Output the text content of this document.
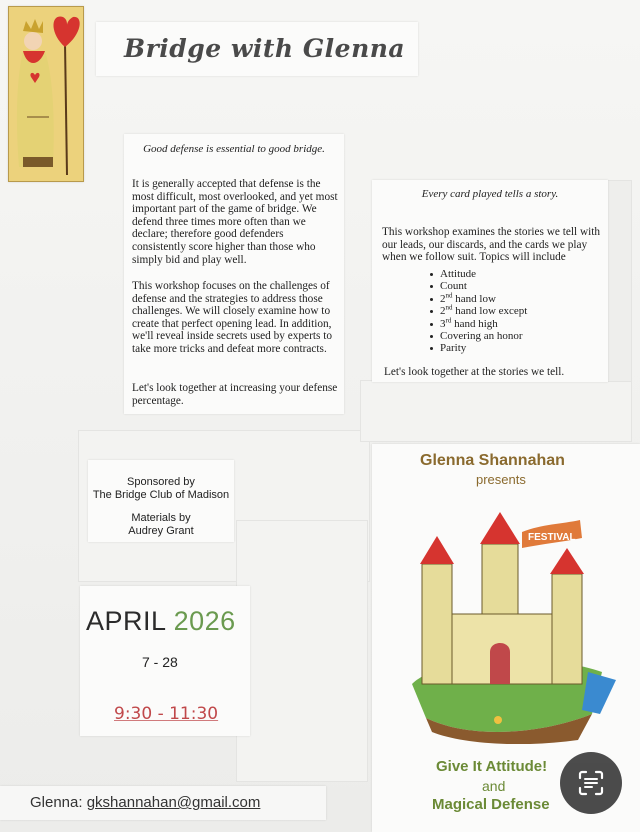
Bridge with Glenna
Good defense is essential to good bridge.

It is generally accepted that defense is the most difficult, most overlooked, and yet most important part of the game of bridge. We defend three times more often than we declare; therefore good defenders consistently score higher than those who simply bid and play well.

This workshop focuses on the challenges of defense and the strategies to address those challenges. We will closely examine how to create that perfect opening lead. In addition, we'll reveal inside secrets used by experts to take more tricks and defeat more contracts.

Let's look together at increasing your defense percentage.

Every card played tells a story.

This workshop examines the stories we tell with our leads, our discards, and the cards we play when we follow suit. Topics will include

Attitude
Count
2nd hand low
2nd hand low except
3rd hand high
Covering an honor
Parity

Let's look together at the stories we tell.

Sponsored by
The Bridge Club of Madison
Materials by
Audrey Grant
APRIL 2026
7 - 28
9:30 - 11:30
Glenna: gkshannahan@gmail.com
Glenna Shannahan
presents
FESTIVAL
Give It Attitude!
and
Magical Defense
